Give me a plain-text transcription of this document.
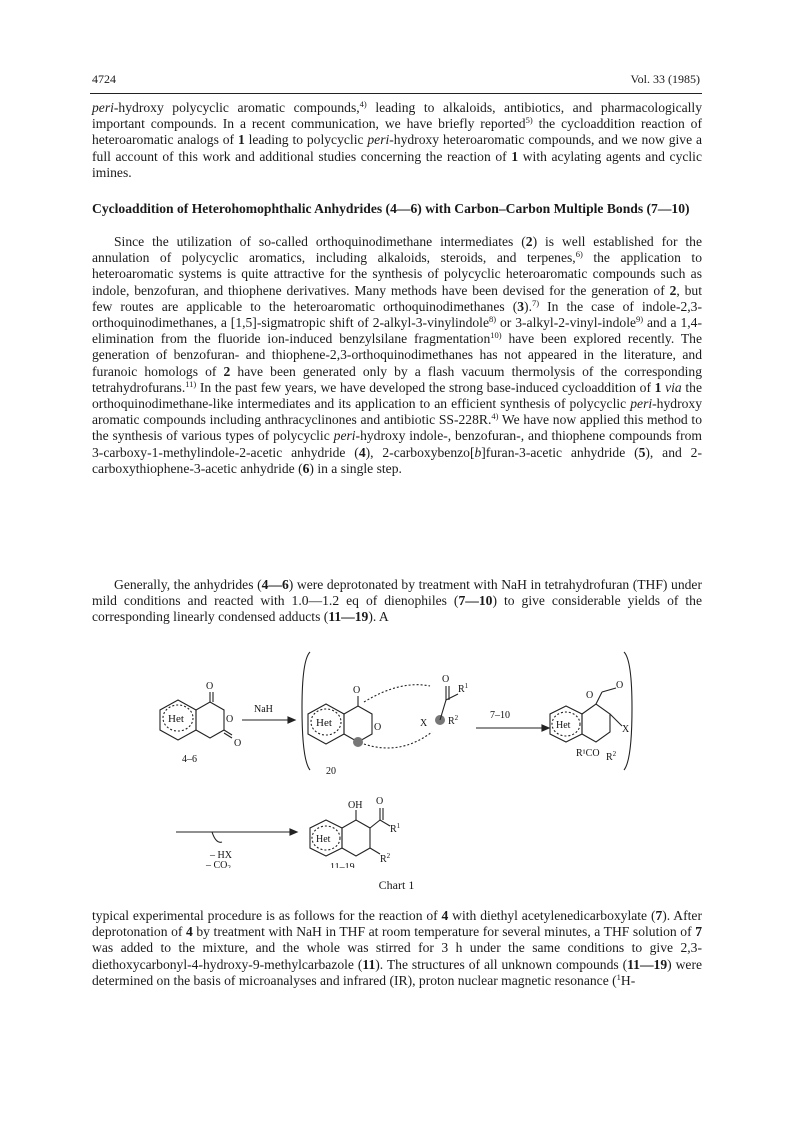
4724	Vol. 33 (1985)

peri-hydroxy polycyclic aromatic compounds,$^{4)}$ leading to alkaloids, antibiotics, and pharmacologically important compounds. In a recent communication, we have briefly reported$^{5)}$ the cycloaddition reaction of heteroaromatic analogs of 1 leading to polycyclic peri-hydroxy heteroaromatic compounds, and we now give a full account of this work and additional studies concerning the reaction of 1 with acylating agents and cyclic imines.

Cycloaddition of Heterohomophthalic Anhydrides (4—6) with Carbon–Carbon Multiple Bonds (7—10)

Since the utilization of so-called orthoquinodimethane intermediates (2) is well established for the annulation of polycyclic aromatics, including alkaloids, steroids, and terpenes,$^{6)}$ the application to heteroaromatic systems is quite attractive for the synthesis of polycyclic heteroaromatic compounds such as indole, benzofuran, and thiophene derivatives. Many methods have been devised for the generation of 2, but few routes are applicable to the heteroaromatic orthoquinodimethanes (3).$^{7)}$ In the case of indole-2,3-orthoquinodimethanes, a [1,5]-sigmatropic shift of 2-alkyl-3-vinylindole$^{8)}$ or 3-alkyl-2-vinyl-indole$^{9)}$ and a 1,4-elimination from the fluoride ion-induced benzylsilane fragmentation$^{10)}$ have been explored recently. The generation of benzofuran- and thiophene-2,3-orthoquinodimethanes has not appeared in the literature, and furanoic homologs of 2 have been generated only by a flash vacuum thermolysis of the corresponding tetrahydrofurans.$^{11)}$ In the past few years, we have developed the strong base-induced cycloaddition of 1 via the orthoquinodimethane-like intermediates and its application to an efficient synthesis of polycyclic peri-hydroxy aromatic compounds including anthracyclinones and antibiotic SS-228R.$^{4)}$ We have now applied this method to the synthesis of various types of polycyclic peri-hydroxy indole-, benzofuran-, and thiophene compounds from 3-carboxy-1-methylindole-2-acetic anhydride (4), 2-carboxybenzo[b]furan-3-acetic anhydride (5), and 2-carboxythiophene-3-acetic anhydride (6) in a single step.

Generally, the anhydrides (4—6) were deprotonated by treatment with NaH in tetrahydrofuran (THF) under mild conditions and reacted with 1.0—1.2 eq of dienophiles (7—10) to give considerable yields of the corresponding linearly condensed adducts (11—19). A

Het
O
O
O
4–6
NaH
Het
O
O
20
O
$R^1$
X $R^2$	7–10
Het
O
O
X
R¹CO $R^2$
– HX
– $CO_2$
Het
OH O
$R^1$
$R^2$
11–19
Chart 1

typical experimental procedure is as follows for the reaction of 4 with diethyl acetylenedicarboxylate (7). After deprotonation of 4 by treatment with NaH in THF at room temperature for several minutes, a THF solution of 7 was added to the mixture, and the whole was stirred for 3 h under the same conditions to give 2,3-diethoxycarbonyl-4-hydroxy-9-methylcarbazole (11). The structures of all unknown compounds (11—19) were determined on the basis of microanalyses and infrared (IR), proton nuclear magnetic resonance ($^1$H-
